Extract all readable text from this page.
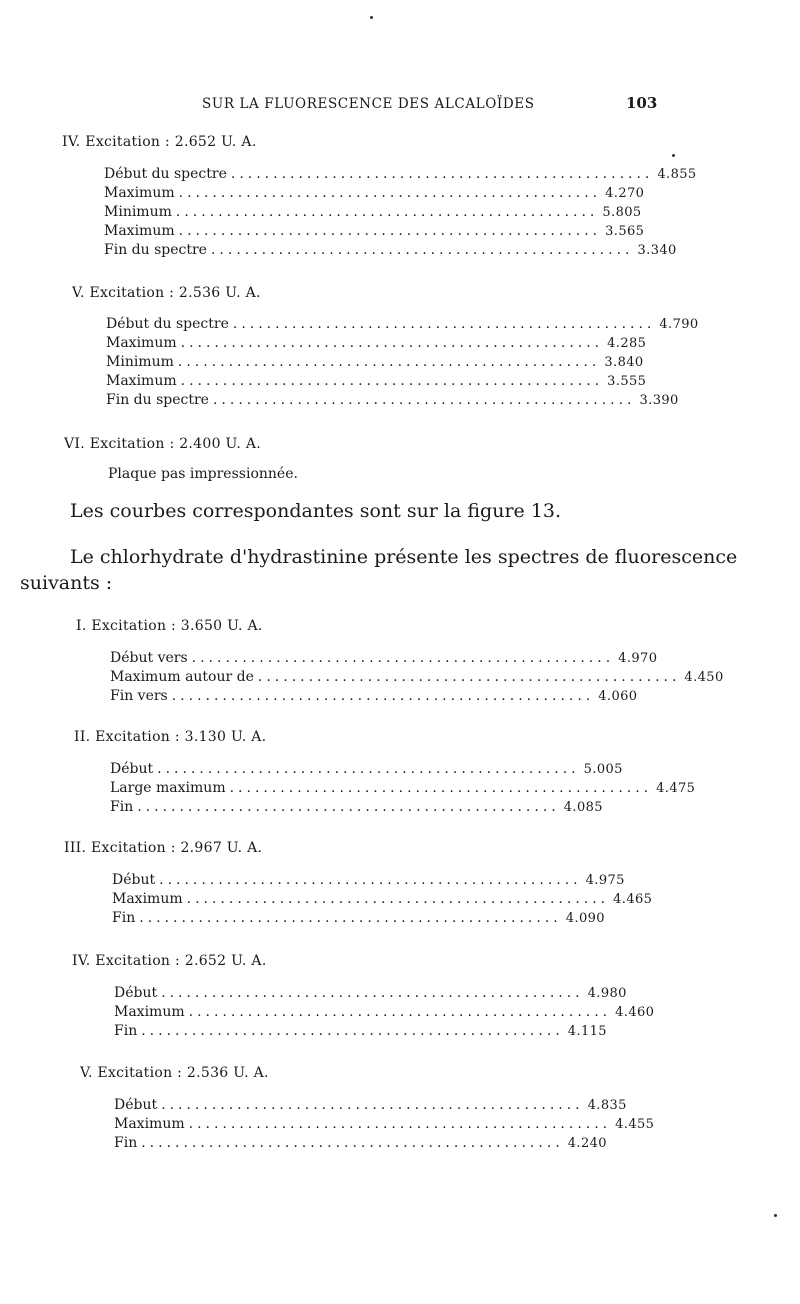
SUR LA FLUORESCENCE DES ALCALOÏDES	103
IV. Excitation : 2.652 U. A.
Début du spectre .................................................. 4.855
Maximum .................................................. 4.270
Minimum .................................................. 5.805
Maximum .................................................. 3.565
Fin du spectre .................................................. 3.340
V. Excitation : 2.536 U. A.
Début du spectre .................................................. 4.790
Maximum .................................................. 4.285
Minimum .................................................. 3.840
Maximum .................................................. 3.555
Fin du spectre .................................................. 3.390
VI. Excitation : 2.400 U. A.
Plaque pas impressionnée.
Les courbes correspondantes sont sur la figure 13.
Le chlorhydrate d'hydrastinine présente les spectres de fluorescence
suivants :
I. Excitation : 3.650 U. A.
Début vers .................................................. 4.970
Maximum autour de .................................................. 4.450
Fin vers .................................................. 4.060
II. Excitation : 3.130 U. A.
Début .................................................. 5.005
Large maximum .................................................. 4.475
Fin .................................................. 4.085
III. Excitation : 2.967 U. A.
Début .................................................. 4.975
Maximum .................................................. 4.465
Fin .................................................. 4.090
IV. Excitation : 2.652 U. A.
Début .................................................. 4.980
Maximum .................................................. 4.460
Fin .................................................. 4.115
V. Excitation : 2.536 U. A.
Début .................................................. 4.835
Maximum .................................................. 4.455
Fin .................................................. 4.240
